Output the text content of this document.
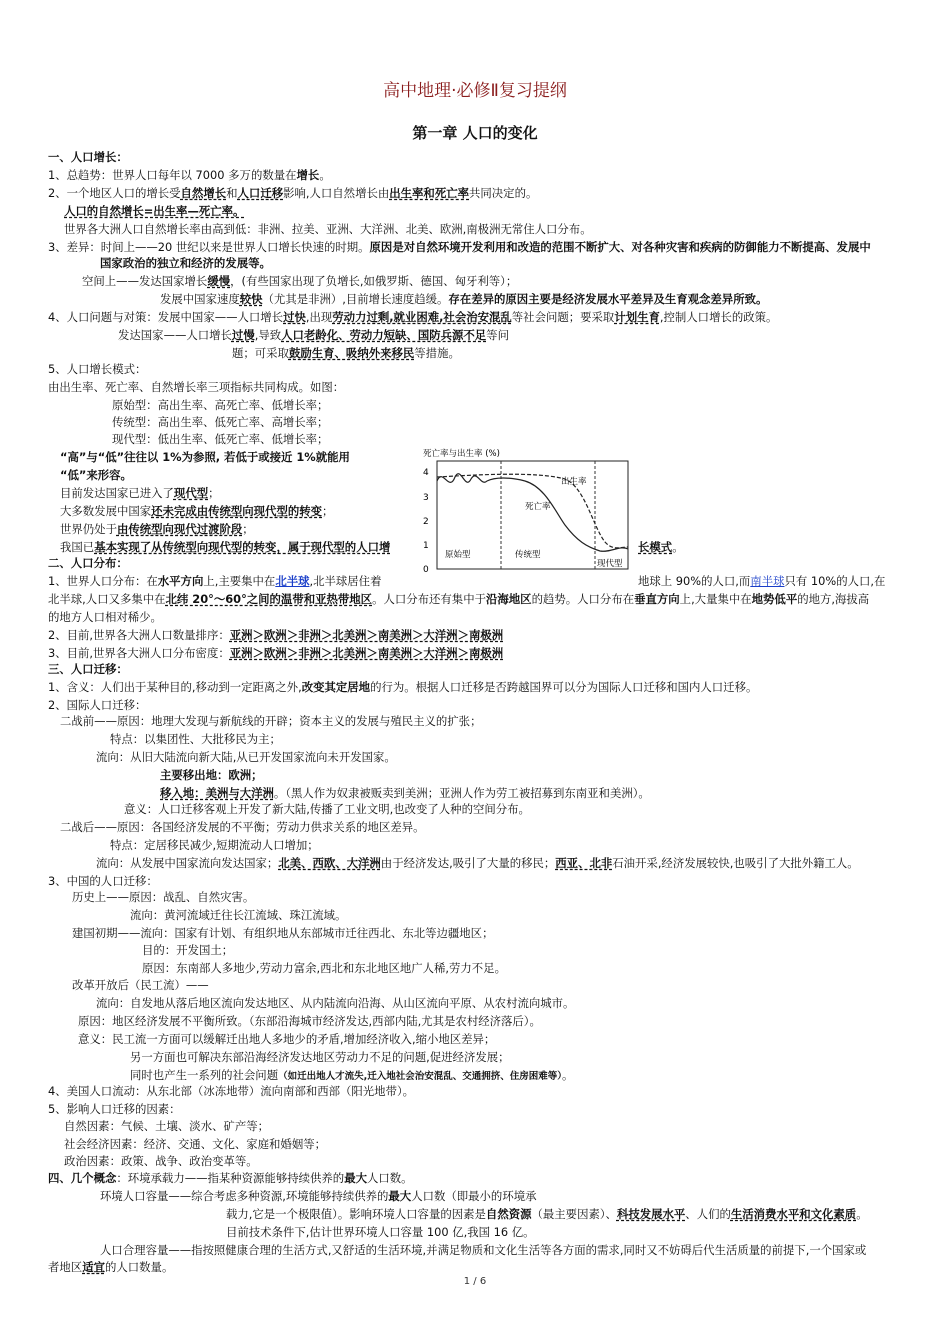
高中地理·必修Ⅱ复习提纲
第一章 人口的变化
一、人口增长：
1、总趋势：世界人口每年以 7000 多万的数量在增长。
2、一个地区人口的增长受自然增长和人口迁移影响,人口自然增长由出生率和死亡率共同决定的。
人口的自然增长=出生率—死亡率。
世界各大洲人口自然增长率由高到低：非洲、拉美、亚洲、大洋洲、北美、欧洲,南极洲无常住人口分布。
3、差异：时间上——20 世纪以来是世界人口增长快速的时期。原因是对自然环境开发利用和改造的范围不断扩大、对各种灾害和疾病的防御能力不断提高、发展中
国家政治的独立和经济的发展等。
空间上——发达国家增长缓慢，(有些国家出现了负增长,如俄罗斯、德国、匈牙利等）；
发展中国家速度较快（尤其是非洲）,目前增长速度趋缓。存在差异的原因主要是经济发展水平差异及生育观念差异所致。
4、人口问题与对策：发展中国家——人口增长过快,出现劳动力过剩,就业困难,社会治安混乱等社会问题；要采取计划生育,控制人口增长的政策。
发达国家——人口增长过慢,导致人口老龄化、劳动力短缺、国防兵源不足等问
题；可采取鼓励生育、吸纳外来移民等措施。
5、人口增长模式：
由出生率、死亡率、自然增长率三项指标共同构成。如图：
原始型：高出生率、高死亡率、低增长率；
传统型：高出生率、低死亡率、高增长率；
现代型：低出生率、低死亡率、低增长率；
“高”与“低”往往以 1%为参照, 若低于或接近 1%就能用
“低”来形容。
目前发达国家已进入了现代型；
大多数发展中国家还未完成由传统型向现代型的转变；
世界仍处于由传统型向现代过渡阶段；
我国已基本实现了从传统型向现代型的转变，属于现代型的人口增	长模式。
二、人口分布：
1、世界人口分布：在水平方向上,主要集中在北半球,北半球居住着	地球上 90%的人口,而南半球只有 10%的人口,在
北半球,人口又多集中在北纬 20°～60°之间的温带和亚热带地区。人口分布还有集中于沿海地区的趋势。人口分布在垂直方向上,大量集中在地势低平的地方,海拔高
的地方人口相对稀少。
2、目前,世界各大洲人口数量排序：亚洲＞欧洲＞非洲＞北美洲＞南美洲＞大洋洲＞南极洲
3、目前,世界各大洲人口分布密度：亚洲＞欧洲＞非洲＞北美洲＞南美洲＞大洋洲＞南极洲
三、人口迁移：
1、含义：人们出于某种目的,移动到一定距离之外,改变其定居地的行为。根据人口迁移是否跨越国界可以分为国际人口迁移和国内人口迁移。
2、国际人口迁移：
二战前——原因：地理大发现与新航线的开辟；资本主义的发展与殖民主义的扩张；
特点：以集团性、大批移民为主；
流向：从旧大陆流向新大陆,从已开发国家流向未开发国家。
主要移出地：欧洲；
移入地：美洲与大洋洲。（黑人作为奴隶被贩卖到美洲；亚洲人作为劳工被招募到东南亚和美洲）。
意义：人口迁移客观上开发了新大陆,传播了工业文明,也改变了人种的空间分布。
二战后——原因：各国经济发展的不平衡；劳动力供求关系的地区差异。
特点：定居移民减少,短期流动人口增加；
流向：从发展中国家流向发达国家；北美、西欧、大洋洲由于经济发达,吸引了大量的移民；西亚、北非石油开采,经济发展较快,也吸引了大批外籍工人。
3、中国的人口迁移：
历史上——原因：战乱、自然灾害。
流向：黄河流域迁往长江流域、珠江流域。
建国初期——流向：国家有计划、有组织地从东部城市迁往西北、东北等边疆地区；
目的：开发国土；
原因：东南部人多地少,劳动力富余,西北和东北地区地广人稀,劳力不足。
改革开放后（民工流）——
流向：自发地从落后地区流向发达地区、从内陆流向沿海、从山区流向平原、从农村流向城市。
原因：地区经济发展不平衡所致。（东部沿海城市经济发达,西部内陆,尤其是农村经济落后）。
意义：民工流一方面可以缓解迁出地人多地少的矛盾,增加经济收入,缩小地区差异；
另一方面也可解决东部沿海经济发达地区劳动力不足的问题,促进经济发展；
同时也产生一系列的社会问题（如迁出地人才流失,迁入地社会治安混乱、交通拥挤、住房困难等）。
4、美国人口流动：从东北部（冰冻地带）流向南部和西部（阳光地带）。
5、影响人口迁移的因素：
自然因素：气候、土壤、淡水、矿产等；
社会经济因素：经济、交通、文化、家庭和婚姻等；
政治因素：政策、战争、政治变革等。
四、几个概念：环境承载力——指某种资源能够持续供养的最大人口数。
环境人口容量——综合考虑多种资源,环境能够持续供养的最大人口数（即最小的环境承
载力,它是一个极限值）。影响环境人口容量的因素是自然资源（最主要因素）、科技发展水平、人们的生活消费水平和文化素质。
目前技术条件下,估计世界环境人口容量 100 亿,我国 16 亿。
人口合理容量——指按照健康合理的生活方式,又舒适的生活环境,并满足物质和文化生活等各方面的需求,同时又不妨碍后代生活质量的前提下,一个国家或
者地区适宜的人口数量。
死亡率与出生率 (%)
4
3
2
1
0
出生率
死亡率
原始型	传统型
现代型
1 / 6
